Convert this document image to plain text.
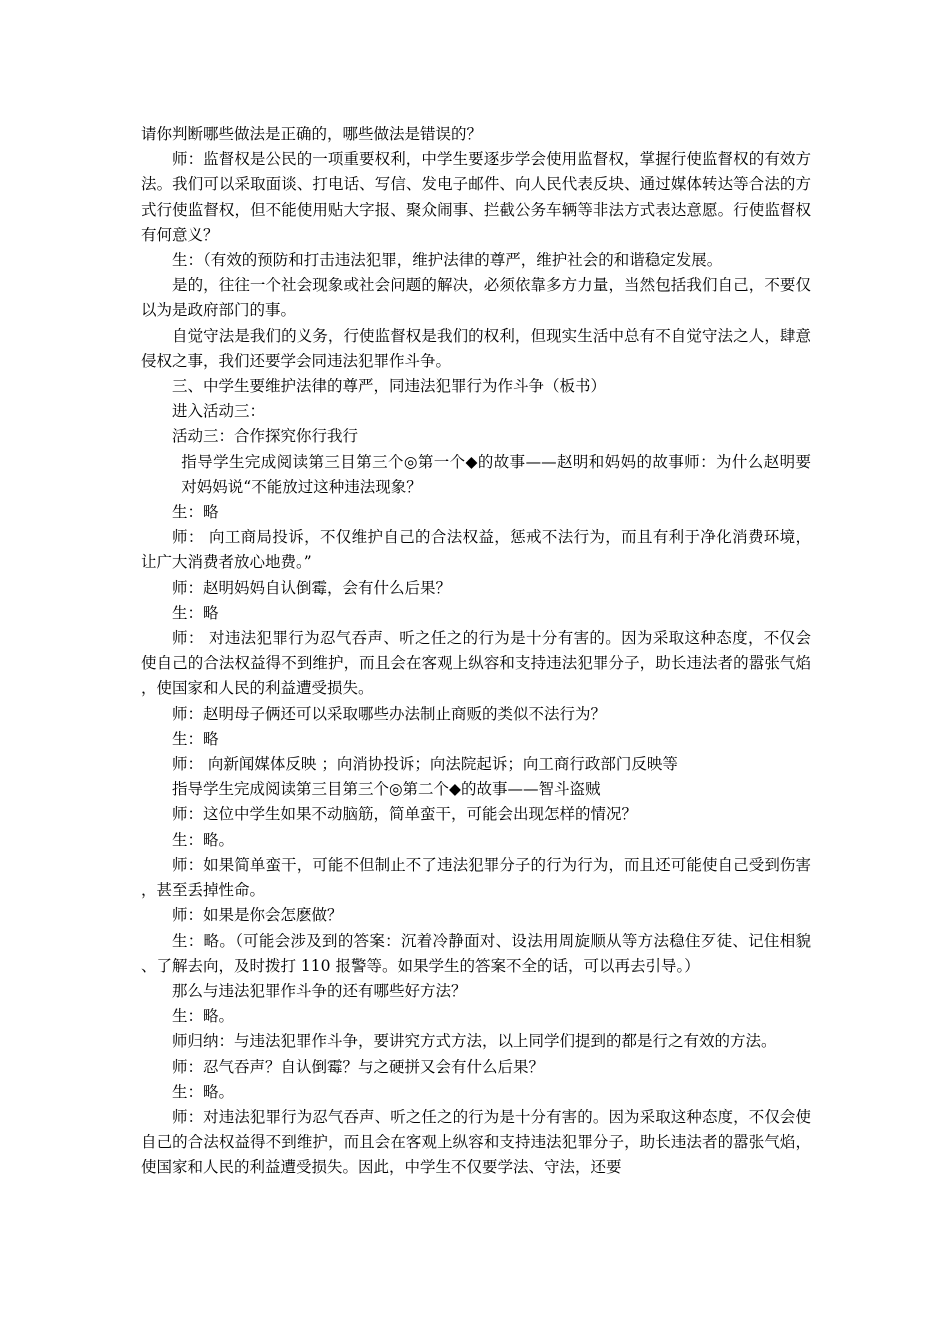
请你判断哪些做法是正确的，哪些做法是错误的？

师：监督权是公民的一项重要权利，中学生要逐步学会使用监督权，掌握行使监督权的有效方法。我们可以采取面谈、打电话、写信、发电子邮件、向人民代表反块、通过媒体转达等合法的方式行使监督权，但不能使用贴大字报、聚众闹事、拦截公务车辆等非法方式表达意愿。行使监督权有何意义？

生：（有效的预防和打击违法犯罪，维护法律的尊严，维护社会的和谐稳定发展。

是的，往往一个社会现象或社会问题的解决，必须依靠多方力量，当然包括我们自己，不要仅以为是政府部门的事。

自觉守法是我们的义务，行使监督权是我们的权利，但现实生活中总有不自觉守法之人，肆意侵权之事，我们还要学会同违法犯罪作斗争。

三、中学生要维护法律的尊严，同违法犯罪行为作斗争（板书）

进入活动三：

活动三：合作探究你行我行

指导学生完成阅读第三目第三个◎第一个◆的故事——赵明和妈妈的故事师：为什么赵明要对妈妈说“不能放过这种违法现象？

生：略

师： 向工商局投诉，不仅维护自己的合法权益，惩戒不法行为，而且有利于净化消费环境，让广大消费者放心地费。”

师：赵明妈妈自认倒霉，会有什么后果？

生：略

师： 对违法犯罪行为忍气吞声、听之任之的行为是十分有害的。因为采取这种态度，不仅会使自己的合法权益得不到维护，而且会在客观上纵容和支持违法犯罪分子，助长违法者的嚣张气焰，使国家和人民的利益遭受损失。

师：赵明母子俩还可以采取哪些办法制止商贩的类似不法行为？

生：略

师： 向新闻媒体反映 ；向消协投诉；向法院起诉；向工商行政部门反映等

指导学生完成阅读第三目第三个◎第二个◆的故事——智斗盗贼

师：这位中学生如果不动脑筋，简单蛮干，可能会出现怎样的情况？

生：略。

师：如果简单蛮干，可能不但制止不了违法犯罪分子的行为行为，而且还可能使自己受到伤害，甚至丢掉性命。

师：如果是你会怎麽做？

生：略。（可能会涉及到的答案：沉着冷静面对、设法用周旋顺从等方法稳住歹徒、记住相貌、了解去向，及时拨打 110 报警等。如果学生的答案不全的话，可以再去引导。）

那么与违法犯罪作斗争的还有哪些好方法？

生：略。

师归纳：与违法犯罪作斗争，要讲究方式方法，以上同学们提到的都是行之有效的方法。

师：忍气吞声？自认倒霉？与之硬拼又会有什么后果？

生：略。

师：对违法犯罪行为忍气吞声、听之任之的行为是十分有害的。因为采取这种态度，不仅会使自己的合法权益得不到维护，而且会在客观上纵容和支持违法犯罪分子，助长违法者的嚣张气焰，使国家和人民的利益遭受损失。因此，中学生不仅要学法、守法，还要
